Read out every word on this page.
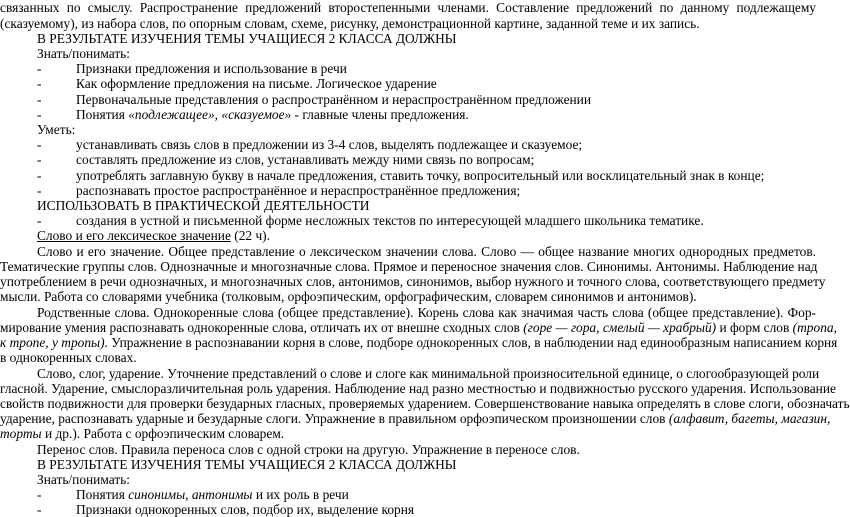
связанных по смыслу. Распространение предложений второстепенными членами. Составление предложений по данному подлежащему
(сказуемому), из набора слов, по опорным словам, схеме, рисунку, демонстрационной картине, заданной теме и их запись.
В РЕЗУЛЬТАТЕ ИЗУЧЕНИЯ ТЕМЫ УЧАЩИЕСЯ 2 КЛАССА ДОЛЖНЫ
Знать/понимать:
-	Признаки предложения и использование в речи
-	Как оформление предложения на письме. Логическое ударение
-	Первоначальные представления о распространённом и нераспространённом предложении
-	Понятия «подлежащее», «сказуемое» - главные члены предложения.
Уметь:
-	устанавливать связь слов в предложении из 3-4 слов, выделять подлежащее и сказуемое;
-	составлять предложение из слов, устанавливать между ними связь по вопросам;
-	употреблять заглавную букву в начале предложения, ставить точку, вопросительный или восклицательный знак в конце;
-	распознавать простое распространённое и нераспространённое предложения;
ИСПОЛЬЗОВАТЬ В ПРАКТИЧЕСКОЙ ДЕЯТЕЛЬНОСТИ
-	создания в устной и письменной форме несложных текстов по интересующей младшего школьника тематике.
Слово и его лексическое значение (22 ч).
Слово и его значение. Общее представление о лексическом значении слова. Слово — общее название многих однородных предметов.
Тематические группы слов. Однозначные и многозначные слова. Прямое и переносное значения слов. Синонимы. Антонимы. Наблюдение над
употреблением в речи однозначных, и многозначных слов, антонимов, синонимов, выбор нужного и точного слова, соответствующего предмету
мысли. Работа со словарями учебника (толковым, орфоэпическим, орфографическим, словарем синонимов и антонимов).
Родственные слова. Однокоренные слова (общее представление). Корень слова как значимая часть слова (общее представление). Фор-
мирование умения распознавать однокоренные слова, отличать их от внешне сходных слов (горе — гора, смелый — храбрый) и форм слов (тропа,
к тропе, у тропы). Упражнение в распознавании корня в слове, подборе однокоренных слов, в наблюдении над единообразным написанием корня
в однокоренных словах.
Слово, слог, ударение. Уточнение представлений о слове и слоге как минимальной произносительной единице, о слогообразующей роли
гласной. Ударение, смыслоразличительная роль ударения. Наблюдение над разно местностью и подвижностью русского ударения. Использование
свойств подвижности для проверки безударных гласных, проверяемых ударением. Совершенствование навыка определять в слове слоги, обозначать
ударение, распознавать ударные и безударные слоги. Упражнение в правильном орфоэпическом произношении слов (алфавит, багеты, магазин,
торты и др.). Работа с орфоэпическим словарем.
Перенос слов. Правила переноса слов с одной строки на другую. Упражнение в переносе слов.
В РЕЗУЛЬТАТЕ ИЗУЧЕНИЯ ТЕМЫ УЧАЩИЕСЯ 2 КЛАССА ДОЛЖНЫ
Знать/понимать:
-	Понятия синонимы, антонимы и их роль в речи
-	Признаки однокоренных слов, подбор их, выделение корня
